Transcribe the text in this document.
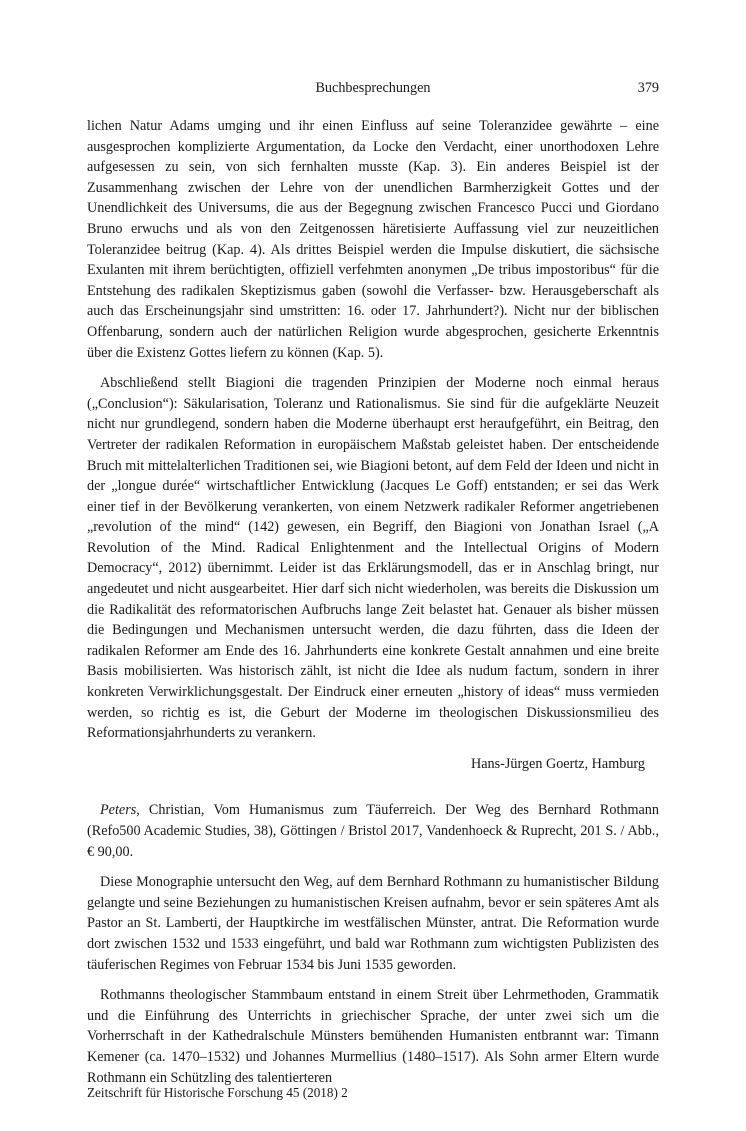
Buchbesprechungen	379

lichen Natur Adams umging und ihr einen Einfluss auf seine Toleranzidee gewährte – eine ausgesprochen komplizierte Argumentation, da Locke den Verdacht, einer unorthodoxen Lehre aufgesessen zu sein, von sich fernhalten musste (Kap. 3). Ein anderes Beispiel ist der Zusammenhang zwischen der Lehre von der unendlichen Barmherzigkeit Gottes und der Unendlichkeit des Universums, die aus der Begegnung zwischen Francesco Pucci und Giordano Bruno erwuchs und als von den Zeitgenossen häretisierte Auffassung viel zur neuzeitlichen Toleranzidee beitrug (Kap. 4). Als drittes Beispiel werden die Impulse diskutiert, die sächsische Exulanten mit ihrem berüchtigten, offiziell verfehmten anonymen „De tribus impostoribus“ für die Entstehung des radikalen Skeptizismus gaben (sowohl die Verfasser- bzw. Herausgeberschaft als auch das Erscheinungsjahr sind umstritten: 16. oder 17. Jahrhundert?). Nicht nur der biblischen Offenbarung, sondern auch der natürlichen Religion wurde abgesprochen, gesicherte Erkenntnis über die Existenz Gottes liefern zu können (Kap. 5).

Abschließend stellt Biagioni die tragenden Prinzipien der Moderne noch einmal heraus („Conclusion“): Säkularisation, Toleranz und Rationalismus. Sie sind für die aufgeklärte Neuzeit nicht nur grundlegend, sondern haben die Moderne überhaupt erst heraufgeführt, ein Beitrag, den Vertreter der radikalen Reformation in europäischem Maßstab geleistet haben. Der entscheidende Bruch mit mittelalterlichen Traditionen sei, wie Biagioni betont, auf dem Feld der Ideen und nicht in der „longue durée“ wirtschaftlicher Entwicklung (Jacques Le Goff) entstanden; er sei das Werk einer tief in der Bevölkerung verankerten, von einem Netzwerk radikaler Reformer angetriebenen „revolution of the mind“ (142) gewesen, ein Begriff, den Biagioni von Jonathan Israel („A Revolution of the Mind. Radical Enlightenment and the Intellectual Origins of Modern Democracy“, 2012) übernimmt. Leider ist das Erklärungsmodell, das er in Anschlag bringt, nur angedeutet und nicht ausgearbeitet. Hier darf sich nicht wiederholen, was bereits die Diskussion um die Radikalität des reformatorischen Aufbruchs lange Zeit belastet hat. Genauer als bisher müssen die Bedingungen und Mechanismen untersucht werden, die dazu führten, dass die Ideen der radikalen Reformer am Ende des 16. Jahrhunderts eine konkrete Gestalt annahmen und eine breite Basis mobilisierten. Was historisch zählt, ist nicht die Idee als nudum factum, sondern in ihrer konkreten Verwirklichungsgestalt. Der Eindruck einer erneuten „history of ideas“ muss vermieden werden, so richtig es ist, die Geburt der Moderne im theologischen Diskussionsmilieu des Reformationsjahrhunderts zu verankern.

Hans-Jürgen Goertz, Hamburg

Peters, Christian, Vom Humanismus zum Täuferreich. Der Weg des Bernhard Rothmann (Refo500 Academic Studies, 38), Göttingen / Bristol 2017, Vandenhoeck & Ruprecht, 201 S. / Abb., € 90,00.

Diese Monographie untersucht den Weg, auf dem Bernhard Rothmann zu humanistischer Bildung gelangte und seine Beziehungen zu humanistischen Kreisen aufnahm, bevor er sein späteres Amt als Pastor an St. Lamberti, der Hauptkirche im westfälischen Münster, antrat. Die Reformation wurde dort zwischen 1532 und 1533 eingeführt, und bald war Rothmann zum wichtigsten Publizisten des täuferischen Regimes von Februar 1534 bis Juni 1535 geworden.

Rothmanns theologischer Stammbaum entstand in einem Streit über Lehrmethoden, Grammatik und die Einführung des Unterrichts in griechischer Sprache, der unter zwei sich um die Vorherrschaft in der Kathedralschule Münsters bemühenden Humanisten entbrannt war: Timann Kemener (ca. 1470–1532) und Johannes Murmellius (1480–1517). Als Sohn armer Eltern wurde Rothmann ein Schützling des talentierteren

Zeitschrift für Historische Forschung 45 (2018) 2
